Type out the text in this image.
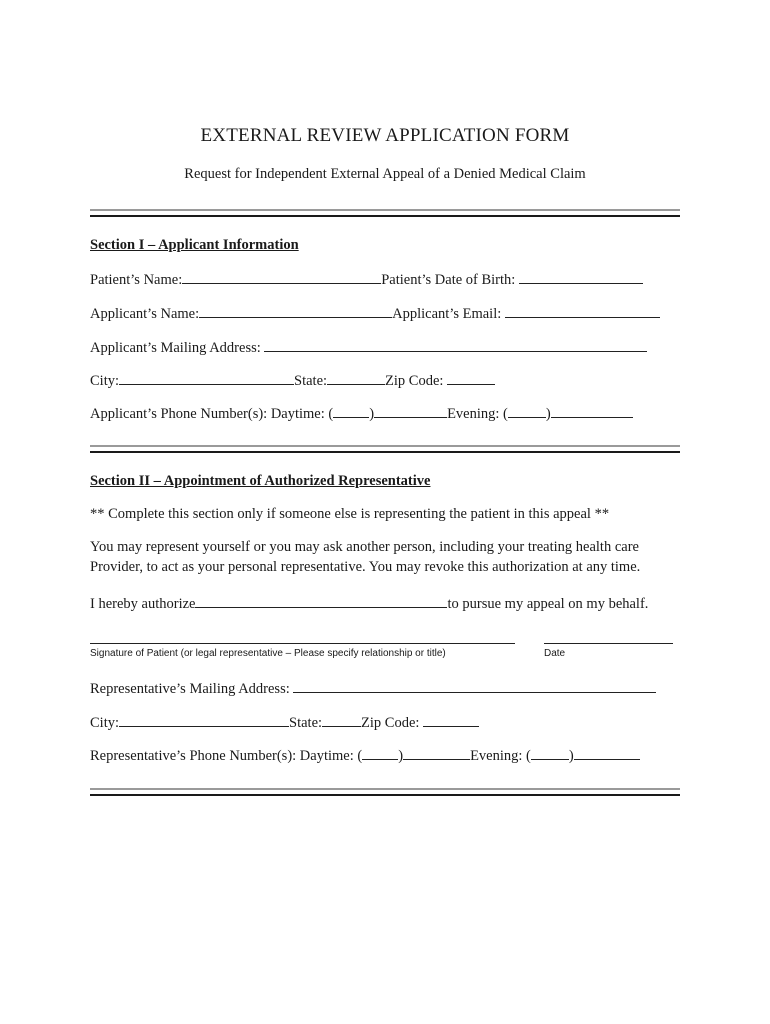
EXTERNAL REVIEW APPLICATION FORM
Request for Independent External Appeal of a Denied Medical Claim
Section I – Applicant Information
Patient’s Name:	Patient’s Date of Birth:
Applicant’s Name:	Applicant’s Email:
Applicant’s Mailing Address:
City:	State:	Zip Code:
Applicant’s Phone Number(s): Daytime: ( )	Evening: (	)
Section II – Appointment of Authorized Representative
** Complete this section only if someone else is representing the patient in this appeal **
You may represent yourself or you may ask another person, including your treating health care
Provider, to act as your personal representative. You may revoke this authorization at any time.
I hereby authorize	to pursue my appeal on my behalf.
Signature of Patient (or legal representative – Please specify relationship or title)	Date
Representative’s Mailing Address:
City:	State:	Zip Code:
Representative’s Phone Number(s): Daytime: ( )	Evening: (	)
